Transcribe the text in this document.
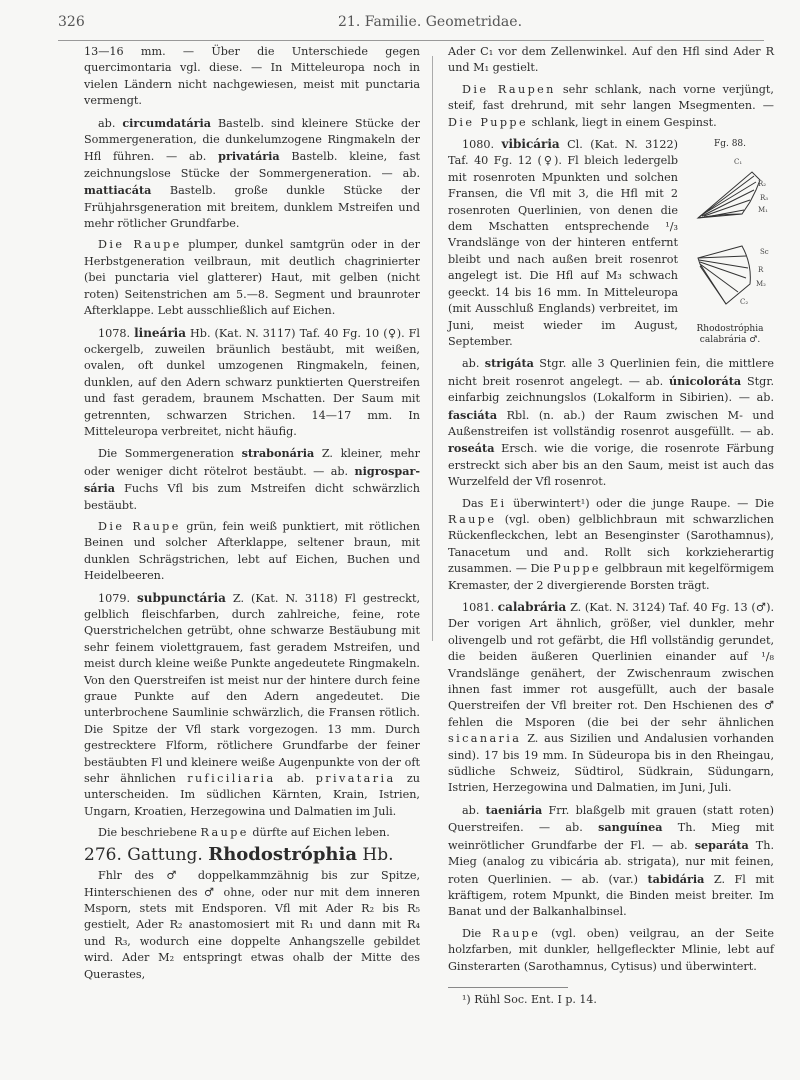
326	21. Familie. Geometridae.

13—16 mm. — Über die Unterschiede gegen quercimontaria vgl. diese. — In Mitteleuropa noch in vielen Ländern nicht nachgewiesen, meist mit punctaria vermengt.

ab. circumdatária Bastelb. sind kleinere Stücke der Sommergeneration, die dunkelumzogene Ringmakeln der Hfl führen. — ab. privatária Bastelb. kleine, fast zeichnungslose Stücke der Sommergeneration. — ab. mattiacáta Bastelb. große dunkle Stücke der Frühjahrsgeneration mit breitem, dunklem Mstreifen und mehr rötlicher Grundfarbe.

Die Raupe plumper, dunkel samtgrün oder in der Herbstgeneration veilbraun, mit deutlich chagrinierter (bei punctaria viel glatterer) Haut, mit gelben (nicht roten) Seitenstrichen am 5.—8. Segment und braunroter Afterklappe. Lebt ausschließlich auf Eichen.

1078. lineária Hb. (Kat. N. 3117) Taf. 40 Fg. 10 (♀). Fl ockergelb, zuweilen bräunlich bestäubt, mit weißen, ovalen, oft dunkel umzogenen Ringmakeln, feinen, dunklen, auf den Adern schwarz punktierten Querstreifen und fast geradem, braunem Mschatten. Der Saum mit getrennten, schwarzen Strichen. 14—17 mm. In Mitteleuropa verbreitet, nicht häufig.

Die Sommergeneration strabonária Z. kleiner, mehr oder weniger dicht rötelrot bestäubt. — ab. nigrospar-sária Fuchs Vfl bis zum Mstreifen dicht schwärzlich bestäubt.

Die Raupe grün, fein weiß punktiert, mit rötlichen Beinen und solcher Afterklappe, seltener braun, mit dunklen Schrägstrichen, lebt auf Eichen, Buchen und Heidelbeeren.

1079. subpunctária Z. (Kat. N. 3118) Fl gestreckt, gelblich fleischfarben, durch zahlreiche, feine, rote Querstrichelchen getrübt, ohne schwarze Bestäubung mit sehr feinem violettgrauem, fast geradem Mstreifen, und meist durch kleine weiße Punkte angedeutete Ringmakeln. Von den Querstreifen ist meist nur der hintere durch feine graue Punkte auf den Adern angedeutet. Die unterbrochene Saumlinie schwärzlich, die Fransen rötlich. Die Spitze der Vfl stark vorgezogen. 13 mm. Durch gestrecktere Flform, rötlichere Grundfarbe der feiner bestäubten Fl und kleinere weiße Augenpunkte von der oft sehr ähnlichen ruficiliaria ab. privataria zu unterscheiden. Im südlichen Kärnten, Krain, Istrien, Ungarn, Kroatien, Herzegowina und Dalmatien im Juli.

Die beschriebene Raupe dürfte auf Eichen leben.

276. Gattung. Rhodostróphia Hb.

Fhlr des ♂ doppelkammzähnig bis zur Spitze, Hinterschienen des ♂ ohne, oder nur mit dem inneren Msporn, stets mit Endsporen. Vfl mit Ader R₂ bis R₅ gestielt, Ader R₂ anastomosiert mit R₁ und dann mit R₄ und R₃, wodurch eine doppelte Anhangszelle gebildet wird. Ader M₂ entspringt etwas ohalb der Mitte des Querastes,

Ader C₁ vor dem Zellenwinkel. Auf den Hfl sind Ader R und M₁ gestielt.

Die Raupen sehr schlank, nach vorne verjüngt, steif, fast drehrund, mit sehr langen Msegmenten. — Die Puppe schlank, liegt in einem Gespinst.

Fg. 88.
C₁
R₂
R₃
M₁
Sc
R
M₂
C₂
Rhodostróphia calabrária ♂.

1080. vibicária Cl. (Kat. N. 3122) Taf. 40 Fg. 12 (♀). Fl bleich ledergelb mit rosenroten Mpunkten und solchen Fransen, die Vfl mit 3, die Hfl mit 2 rosenroten Querlinien, von denen die dem Mschatten entsprechende ¹/₃ Vrandslänge von der hinteren entfernt bleibt und nach außen breit rosenrot angelegt ist. Die Hfl auf M₃ schwach geeckt. 14 bis 16 mm. In Mitteleuropa (mit Ausschluß Englands) verbreitet, im Juni, meist wieder im August, September.

ab. strigáta Stgr. alle 3 Querlinien fein, die mittlere nicht breit rosenrot angelegt. — ab. únicoloráta Stgr. einfarbig zeichnungslos (Lokalform in Sibirien). — ab. fasciáta Rbl. (n. ab.) der Raum zwischen M- und Außenstreifen ist vollständig rosenrot ausgefüllt. — ab. roseáta Ersch. wie die vorige, die rosenrote Färbung erstreckt sich aber bis an den Saum, meist ist auch das Wurzelfeld der Vfl rosenrot.

Das Ei überwintert¹) oder die junge Raupe. — Die Raupe (vgl. oben) gelblichbraun mit schwarzlichen Rückenfleckchen, lebt an Besenginster (Sarothamnus), Tanacetum und and. Rollt sich korkzieherartig zusammen. — Die Puppe gelbbraun mit kegelförmigem Kremaster, der 2 divergierende Borsten trägt.

1081. calabrária Z. (Kat. N. 3124) Taf. 40 Fg. 13 (♂). Der vorigen Art ähnlich, größer, viel dunkler, mehr olivengelb und rot gefärbt, die Hfl vollständig gerundet, die beiden äußeren Querlinien einander auf ¹/₈ Vrandslänge genähert, der Zwischenraum zwischen ihnen fast immer rot ausgefüllt, auch der basale Querstreifen der Vfl breiter rot. Den Hschienen des ♂ fehlen die Msporen (die bei der sehr ähnlichen sicanaria Z. aus Sizilien und Andalusien vorhanden sind). 17 bis 19 mm. In Südeuropa bis in den Rheingau, südliche Schweiz, Südtirol, Südkrain, Südungarn, Istrien, Herzegowina und Dalmatien, im Juni, Juli.

ab. taeniária Frr. blaßgelb mit grauen (statt roten) Querstreifen. — ab. sanguínea Th. Mieg mit weinrötlicher Grundfarbe der Fl. — ab. separáta Th. Mieg (analog zu vibicária ab. strigata), nur mit feinen, roten Querlinien. — ab. (var.) tabidária Z. Fl mit kräftigem, rotem Mpunkt, die Binden meist breiter. Im Banat und der Balkanhalbinsel.

Die Raupe (vgl. oben) veilgrau, an der Seite holzfarben, mit dunkler, hellgefleckter Mlinie, lebt auf Ginsterarten (Sarothamnus, Cytisus) und überwintert.

¹) Rühl Soc. Ent. I p. 14.
